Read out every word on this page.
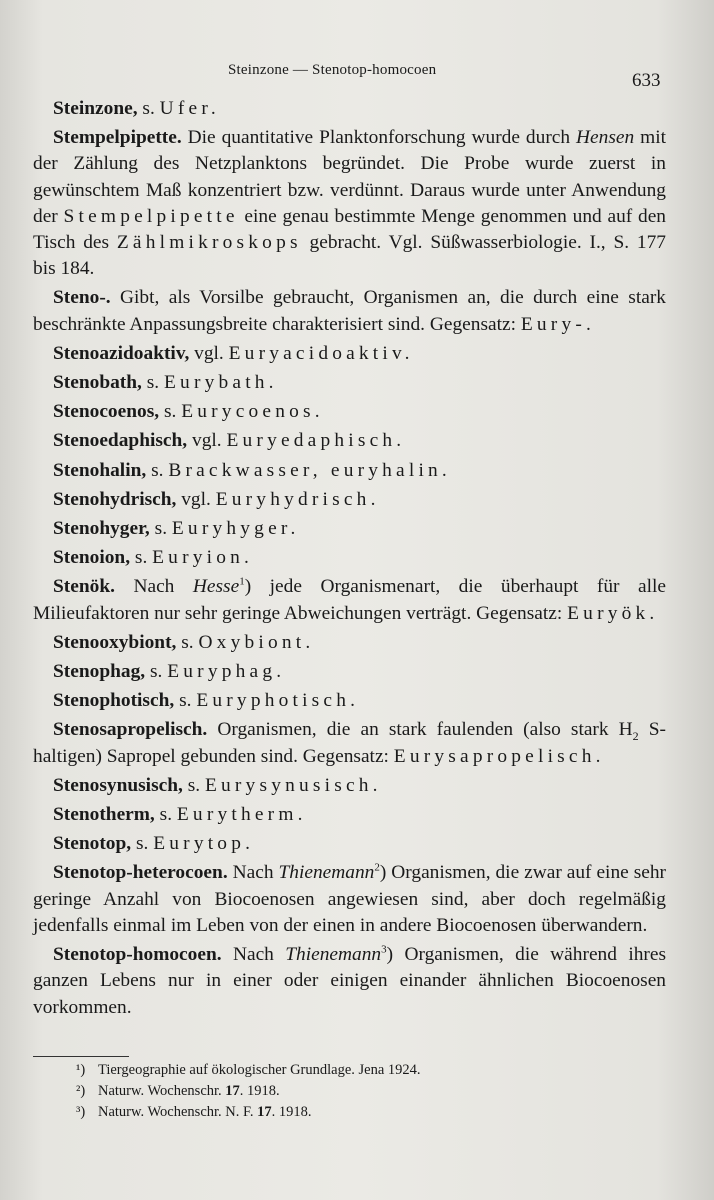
Steinzone — Stenotop-homocoen	633

Steinzone, s. Ufer.

Stempelpipette. Die quantitative Planktonforschung wurde durch Hensen mit der Zählung des Netzplanktons begründet. Die Probe wurde zuerst in gewünschtem Maß konzentriert bzw. verdünnt. Daraus wurde unter Anwendung der Stempelpipette eine genau bestimmte Menge genommen und auf den Tisch des Zählmikroskops gebracht. Vgl. Süßwasserbiologie. I., S. 177 bis 184.

Steno-. Gibt, als Vorsilbe gebraucht, Organismen an, die durch eine stark beschränkte Anpassungsbreite charakterisiert sind. Gegensatz: Eury-.

Stenoazidoaktiv, vgl. Euryacidoaktiv.

Stenobath, s. Eurybath.

Stenocoenos, s. Eurycoenos.

Stenoedaphisch, vgl. Euryedaphisch.

Stenohalin, s. Brackwasser, euryhalin.

Stenohydrisch, vgl. Euryhydrisch.

Stenohyger, s. Euryhyger.

Stenoion, s. Euryion.

Stenök. Nach Hesse$^1$) jede Organismenart, die überhaupt für alle Milieufaktoren nur sehr geringe Abweichungen verträgt. Gegensatz: Euryök.

Stenooxybiont, s. Oxybiont.

Stenophag, s. Euryphag.

Stenophotisch, s. Euryphotisch.

Stenosapropelisch. Organismen, die an stark faulenden (also stark $H_2$ S-haltigen) Sapropel gebunden sind. Gegensatz: Eurysapropelisch.

Stenosynusisch, s. Eurysynusisch.

Stenotherm, s. Eurytherm.

Stenotop, s. Eurytop.

Stenotop-heterocoen. Nach Thienemann$^2$) Organismen, die zwar auf eine sehr geringe Anzahl von Biocoenosen angewiesen sind, aber doch regelmäßig jedenfalls einmal im Leben von der einen in andere Biocoenosen überwandern.

Stenotop-homocoen. Nach Thienemann$^3$) Organismen, die während ihres ganzen Lebens nur in einer oder einigen einander ähnlichen Biocoenosen vorkommen.

¹) Tiergeographie auf ökologischer Grundlage. Jena 1924.
²) Naturw. Wochenschr. 17. 1918.
³) Naturw. Wochenschr. N. F. 17. 1918.
